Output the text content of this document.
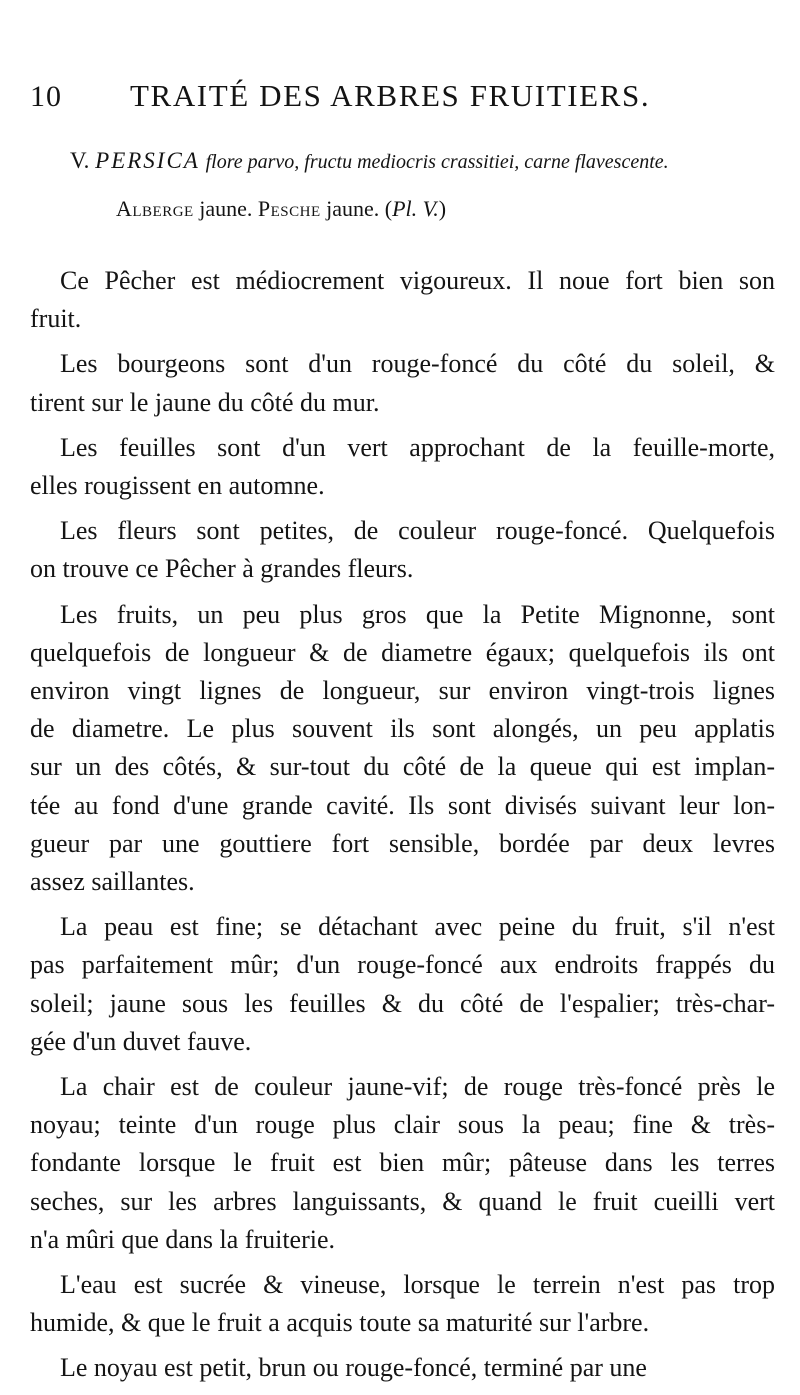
10 TRAITÉ DES ARBRES FRUITIERS.
V. PERSICA flore parvo, fructu mediocris crassitiei, carne flavescente.
Alberge jaune. Pesche jaune. (Pl. V.)
Ce Pêcher est médiocrement vigoureux. Il noue fort bien son
fruit.
Les bourgeons sont d'un rouge-foncé du côté du soleil, &
tirent sur le jaune du côté du mur.
Les feuilles sont d'un vert approchant de la feuille-morte,
elles rougissent en automne.
Les fleurs sont petites, de couleur rouge-foncé. Quelquefois
on trouve ce Pêcher à grandes fleurs.
Les fruits, un peu plus gros que la Petite Mignonne, sont
quelquefois de longueur & de diametre égaux; quelquefois ils ont
environ vingt lignes de longueur, sur environ vingt-trois lignes
de diametre. Le plus souvent ils sont alongés, un peu applatis
sur un des côtés, & sur-tout du côté de la queue qui est implan-
tée au fond d'une grande cavité. Ils sont divisés suivant leur lon-
gueur par une gouttiere fort sensible, bordée par deux levres
assez saillantes.
La peau est fine; se détachant avec peine du fruit, s'il n'est
pas parfaitement mûr; d'un rouge-foncé aux endroits frappés du
soleil; jaune sous les feuilles & du côté de l'espalier; très-char-
gée d'un duvet fauve.
La chair est de couleur jaune-vif; de rouge très-foncé près le
noyau; teinte d'un rouge plus clair sous la peau; fine & très-
fondante lorsque le fruit est bien mûr; pâteuse dans les terres
seches, sur les arbres languissants, & quand le fruit cueilli vert
n'a mûri que dans la fruiterie.
L'eau est sucrée & vineuse, lorsque le terrein n'est pas trop
humide, & que le fruit a acquis toute sa maturité sur l'arbre.
Le noyau est petit, brun ou rouge-foncé, terminé par une
